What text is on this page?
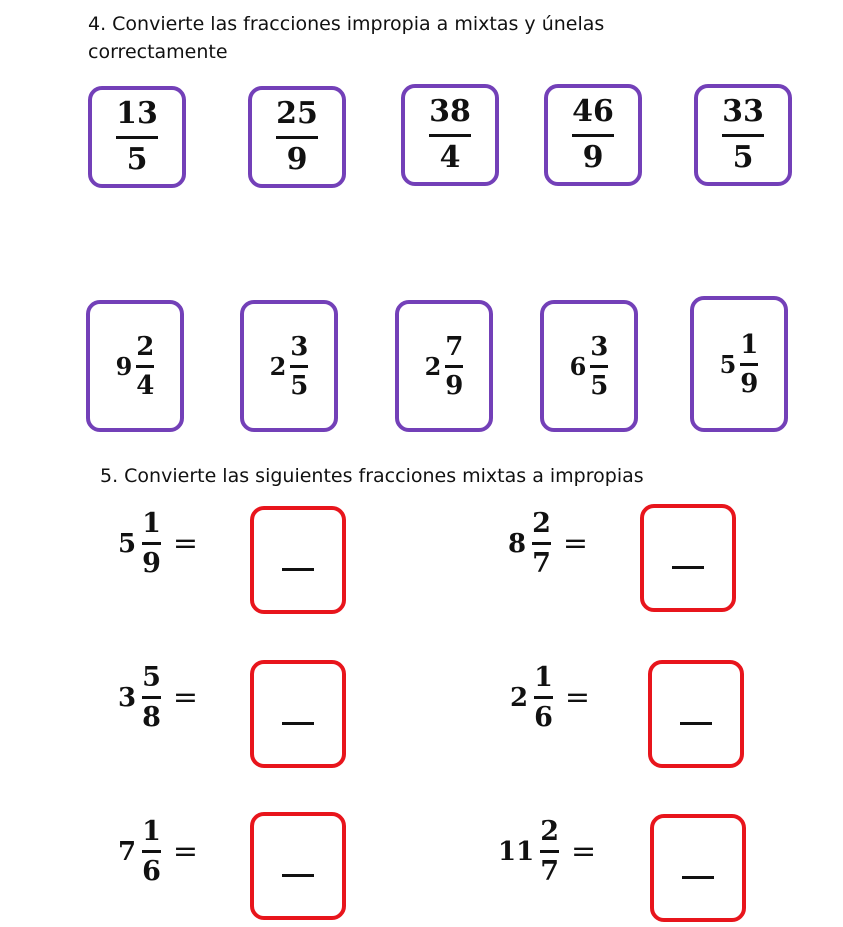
4. Convierte las fracciones impropia a mixtas y únelas correctamente
$\frac{13}{5}$	$\frac{25}{9}$	$\frac{38}{4}$	$\frac{46}{9}$	$\frac{33}{5}$
$9 \frac{2}{4}$	$2 \frac{3}{5}$	$2 \frac{7}{9}$	$6 \frac{3}{5}$	$5 \frac{1}{9}$
5. Convierte las siguientes fracciones mixtas a impropias
$5 \frac{1}{9}$ =	$8 \frac{2}{7}$ =
$3 \frac{5}{8}$ =	$2 \frac{1}{6}$ =
$7 \frac{1}{6}$ =	$11 \frac{2}{7}$ =
